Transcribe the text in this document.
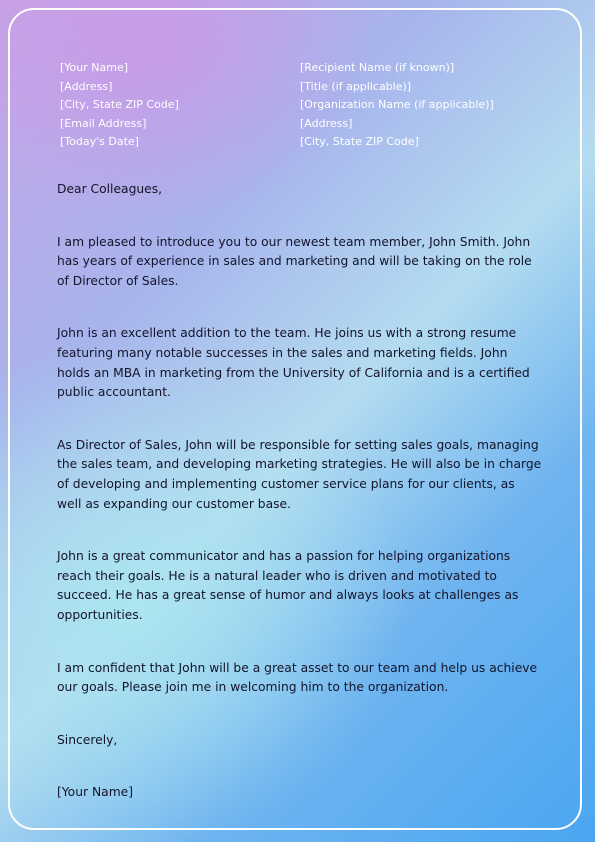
[Your Name]
[Address]
[City, State ZIP Code]
[Email Address]
[Today's Date]
[Recipient Name (if known)]
[Title (if applicable)]
[Organization Name (if applicable)]
[Address]
[City, State ZIP Code]

Dear Colleagues,

I am pleased to introduce you to our newest team member, John Smith. John has years of experience in sales and marketing and will be taking on the role of Director of Sales.

John is an excellent addition to the team. He joins us with a strong resume featuring many notable successes in the sales and marketing fields. John holds an MBA in marketing from the University of California and is a certified public accountant.

As Director of Sales, John will be responsible for setting sales goals, managing the sales team, and developing marketing strategies. He will also be in charge of developing and implementing customer service plans for our clients, as well as expanding our customer base.

John is a great communicator and has a passion for helping organizations reach their goals. He is a natural leader who is driven and motivated to succeed. He has a great sense of humor and always looks at challenges as opportunities.

I am confident that John will be a great asset to our team and help us achieve our goals. Please join me in welcoming him to the organization.

Sincerely,

[Your Name]
